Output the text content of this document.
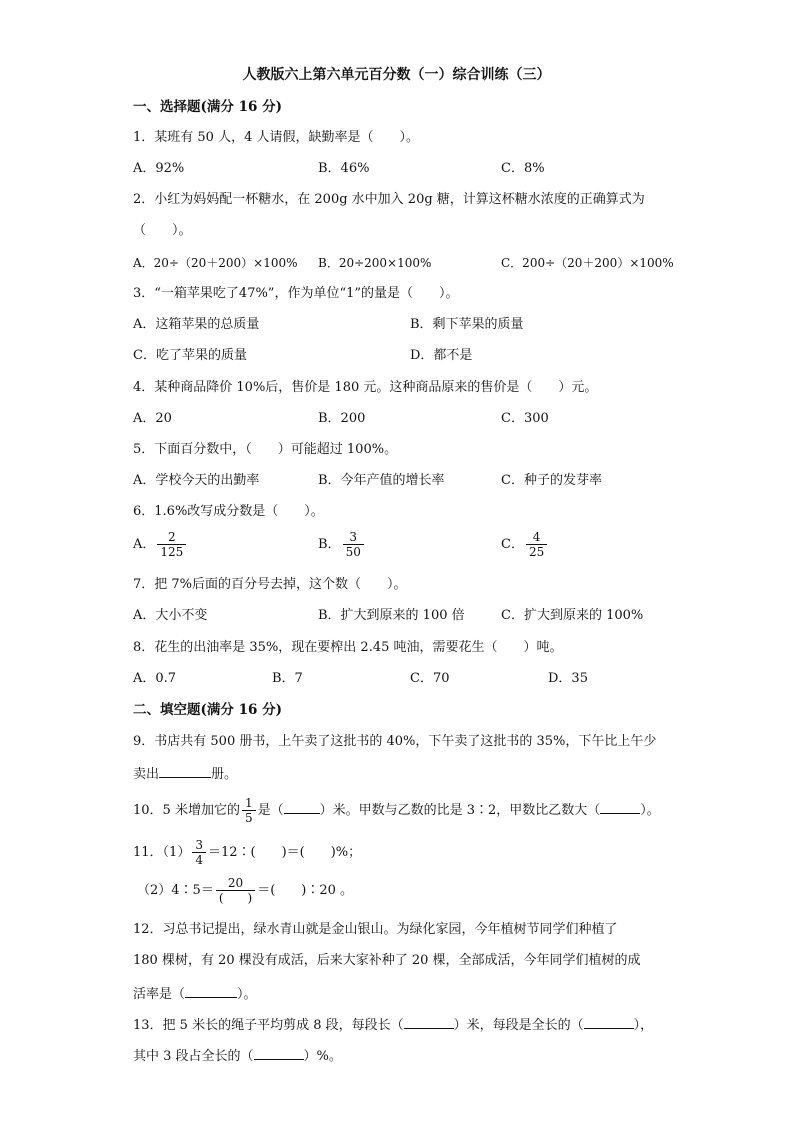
人教版六上第六单元百分数（一）综合训练（三）
一、选择题(满分 16 分)
1．某班有 50 人，4 人请假，缺勤率是（　　）。
A．92%	B．46%	C．8%
2．小红为妈妈配一杯糖水，在 200g 水中加入 20g 糖，计算这杯糖水浓度的正确算式为
（　　）。
A．20÷（20＋200）×100% B．20÷200×100%	C．200÷（20＋200）×100%
3．“一箱苹果吃了47%”，作为单位“1”的量是（　　）。
A．这箱苹果的总质量	B．剩下苹果的质量
C．吃了苹果的质量	D．都不是
4．某种商品降价 10%后，售价是 180 元。这种商品原来的售价是（　　）元。
A．20	B．200	C．300
5．下面百分数中，（　　）可能超过 100%。
A．学校今天的出勤率	B．今年产值的增长率	C．种子的发芽率
6．1.6%改写成分数是（　　）。
A． $\frac{2}{125}$	B． $\frac{3}{50}$	C． $\frac{4}{25}$
7．把 7%后面的百分号去掉，这个数（　　）。
A．大小不变	B．扩大到原来的 100 倍	C．扩大到原来的 100%
8．花生的出油率是 35%，现在要榨出 2.45 吨油，需要花生（　　）吨。
A．0.7	B．7	C．70	D．35
二、填空题(满分 16 分)
9．书店共有 500 册书，上午卖了这批书的 40%，下午卖了这批书的 35%，下午比上午少
卖出	册。
10．5 米增加它的 $\frac{1}{5}$ 是（	）米。甲数与乙数的比是 3∶2，甲数比乙数大（	）。
11．$(1) \frac{3}{4}$ ＝12∶(　　)＝(　　)%；
（2）4∶5＝ $\frac{20}{( )}$ ＝(　　)∶20 。
12．习总书记提出，绿水青山就是金山银山。为绿化家园，今年植树节同学们种植了
180 棵树，有 20 棵没有成活，后来大家补种了 20 棵，全部成活，今年同学们植树的成
活率是（	）。
13．把 5 米长的绳子平均剪成 8 段，每段长（	）米，每段是全长的（	），
其中 3 段占全长的（	）%。
